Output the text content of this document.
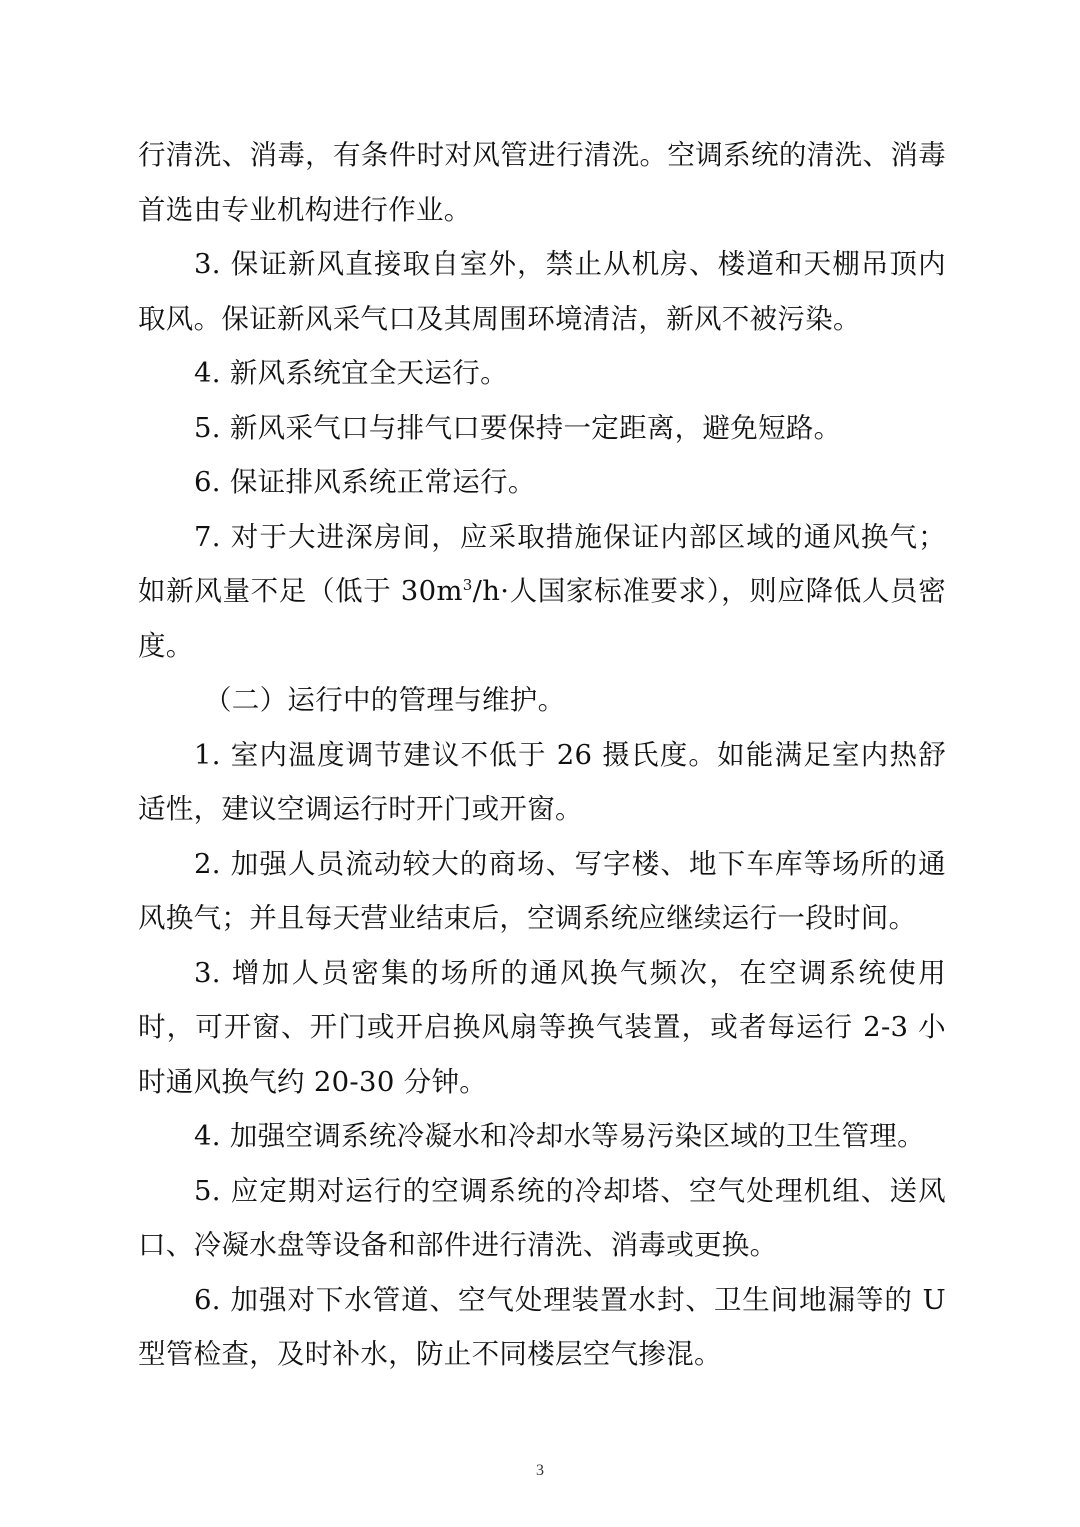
行清洗、消毒，有条件时对风管进行清洗。空调系统的清洗、消毒首选由专业机构进行作业。

3. 保证新风直接取自室外，禁止从机房、楼道和天棚吊顶内取风。保证新风采气口及其周围环境清洁，新风不被污染。

4. 新风系统宜全天运行。

5. 新风采气口与排气口要保持一定距离，避免短路。

6. 保证排风系统正常运行。

7. 对于大进深房间，应采取措施保证内部区域的通风换气；如新风量不足（低于 $30m^3/h\cdot$人国家标准要求），则应降低人员密度。

（二）运行中的管理与维护。

1. 室内温度调节建议不低于 26 摄氏度。如能满足室内热舒适性，建议空调运行时开门或开窗。

2. 加强人员流动较大的商场、写字楼、地下车库等场所的通风换气；并且每天营业结束后，空调系统应继续运行一段时间。

3. 增加人员密集的场所的通风换气频次，在空调系统使用时，可开窗、开门或开启换风扇等换气装置，或者每运行 2-3 小时通风换气约 20-30 分钟。

4. 加强空调系统冷凝水和冷却水等易污染区域的卫生管理。

5. 应定期对运行的空调系统的冷却塔、空气处理机组、送风口、冷凝水盘等设备和部件进行清洗、消毒或更换。

6. 加强对下水管道、空气处理装置水封、卫生间地漏等的 U 型管检查，及时补水，防止不同楼层空气掺混。

3
